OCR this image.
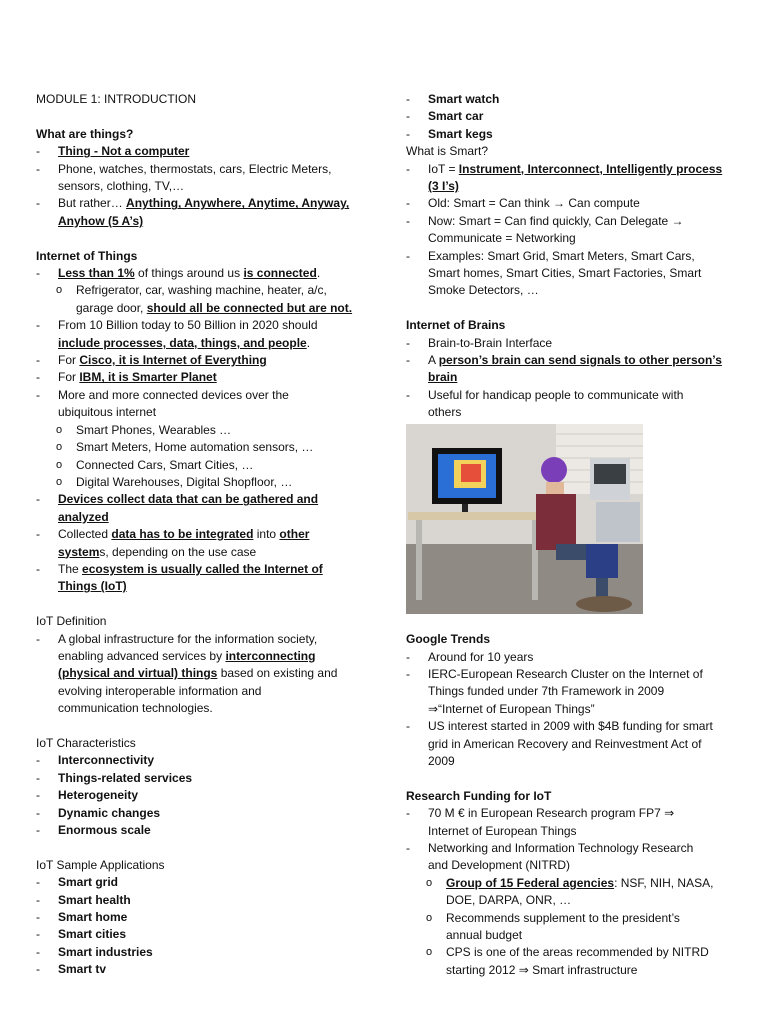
MODULE 1: INTRODUCTION
What are things?
- Thing - Not a computer
- Phone, watches, thermostats, cars, Electric Meters,
sensors, clothing, TV,…
- But rather… Anything, Anywhere, Anytime, Anyway,
Anyhow (5 A’s)
Internet of Things
- Less than 1% of things around us is connected.
o Refrigerator, car, washing machine, heater, a/c,
garage door, should all be connected but are not.
- From 10 Billion today to 50 Billion in 2020 should
include processes, data, things, and people.
- For Cisco, it is Internet of Everything
- For IBM, it is Smarter Planet
- More and more connected devices over the
ubiquitous internet
o Smart Phones, Wearables …
o Smart Meters, Home automation sensors, …
o Connected Cars, Smart Cities, …
o Digital Warehouses, Digital Shopfloor, …
- Devices collect data that can be gathered and
analyzed
- Collected data has to be integrated into other
systems, depending on the use case
- The ecosystem is usually called the Internet of
Things (IoT)
IoT Definition
- A global infrastructure for the information society,
enabling advanced services by interconnecting
(physical and virtual) things based on existing and
evolving interoperable information and
communication technologies.
IoT Characteristics
- Interconnectivity
- Things-related services
- Heterogeneity
- Dynamic changes
- Enormous scale
IoT Sample Applications
- Smart grid
- Smart health
- Smart home
- Smart cities
- Smart industries
- Smart tv
- Smart watch
- Smart car
- Smart kegs
What is Smart?
- IoT = Instrument, Interconnect, Intelligently process
(3 I’s)
- Old: Smart = Can think → Can compute
- Now: Smart = Can find quickly, Can Delegate →
Communicate = Networking
- Examples: Smart Grid, Smart Meters, Smart Cars,
Smart homes, Smart Cities, Smart Factories, Smart
Smoke Detectors, …
Internet of Brains
- Brain-to-Brain Interface
- A person’s brain can send signals to other person’s
brain
- Useful for handicap people to communicate with
others
Google Trends
- Around for 10 years
- IERC-European Research Cluster on the Internet of
Things funded under 7th Framework in 2009
⇒“Internet of European Things”
- US interest started in 2009 with $4B funding for smart
grid in American Recovery and Reinvestment Act of
2009
Research Funding for IoT
- 70 M € in European Research program FP7 ⇒
Internet of European Things
- Networking and Information Technology Research
and Development (NITRD)
o Group of 15 Federal agencies: NSF, NIH, NASA,
DOE, DARPA, ONR, …
o Recommends supplement to the president’s
annual budget
o CPS is one of the areas recommended by NITRD
starting 2012 ⇒ Smart infrastructure
